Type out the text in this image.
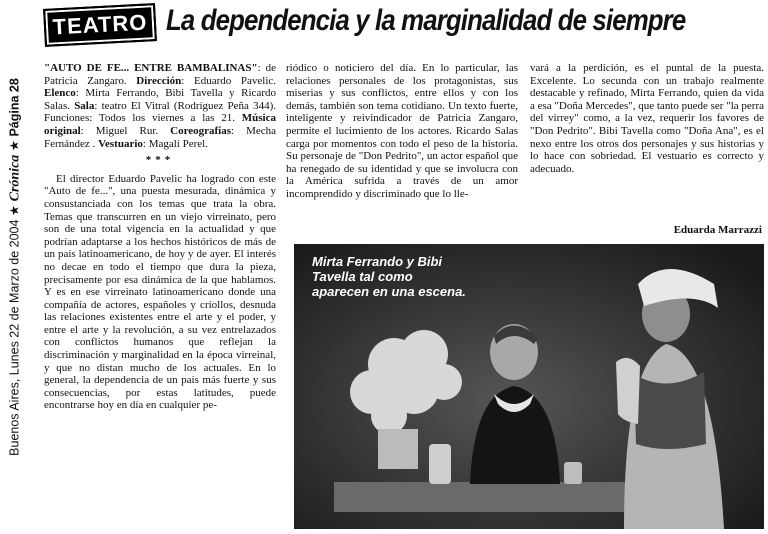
Buenos Aires, Lunes 22 de Marzo de 2004 ★ Crónica ★ Página 28
TEATRO La dependencia y la marginalidad de siempre
"AUTO DE FE... ENTRE BAMBALINAS": de Patricia Zangaro. Dirección: Eduardo Pavelic. Elenco: Mirta Ferrando, Bibi Tavella y Ricardo Salas. Sala: teatro El Vitral (Rodríguez Peña 344). Funciones: Todos los viernes a las 21. Música original: Miguel Rur. Coreografías: Mecha Fernández . Vestuario: Magalí Perel.
***

El director Eduardo Pavelic ha logrado con este "Auto de fe...", una puesta mesurada, dinámica y consustanciada con los temas que trata la obra. Temas que transcurren en un viejo virreinato, pero son de una total vigencia en la actualidad y que podrían adaptarse a los hechos históricos de más de un país latinoamericano, de hoy y de ayer. El interés no decae en todo el tiempo que dura la pieza, precisamente por esa dinámica de la que hablamos. Y es en ese virreinato latinoamericano donde una compañía de actores, españoles y criollos, desnuda las relaciones existentes entre el arte y el poder, y entre el arte y la revolución, a su vez entrelazados con conflictos humanos que reflejan la discriminación y marginalidad en la época virreinal, y que no distan mucho de los actuales. En lo general, la dependencia de un país más fuerte y sus consecuencias, por estas latitudes, puede encontrarse hoy en día en cualquier pe-

riódico o noticiero del día. En lo particular, las relaciones personales de los protagonistas, sus miserias y sus conflictos, entre ellos y con los demás, también son tema cotidiano. Un texto fuerte, inteligente y reivindicador de Patricia Zangaro, permite el lucimiento de los actores. Ricardo Salas carga por momentos con todo el peso de la historia. Su personaje de "Don Pedrito", un actor español que ha renegado de su identidad y que se involucra con la América sufrida a través de un amor incomprendido y discriminado que lo lle-

vará a la perdición, es el puntal de la puesta. Excelente. Lo secunda con un trabajo realmente destacable y refinado, Mirta Ferrando, quien da vida a esa "Doña Mercedes", que tanto puede ser "la perra del virrey" como, a la vez, requerir los favores de "Don Pedrito". Bibi Tavella como "Doña Ana", es el nexo entre los otros dos personajes y sus historias y lo hace con sobriedad. El vestuario es correcto y adecuado.

Eduarda Marrazzi
Mirta Ferrando y Bibi Tavella tal como aparecen en una escena.
